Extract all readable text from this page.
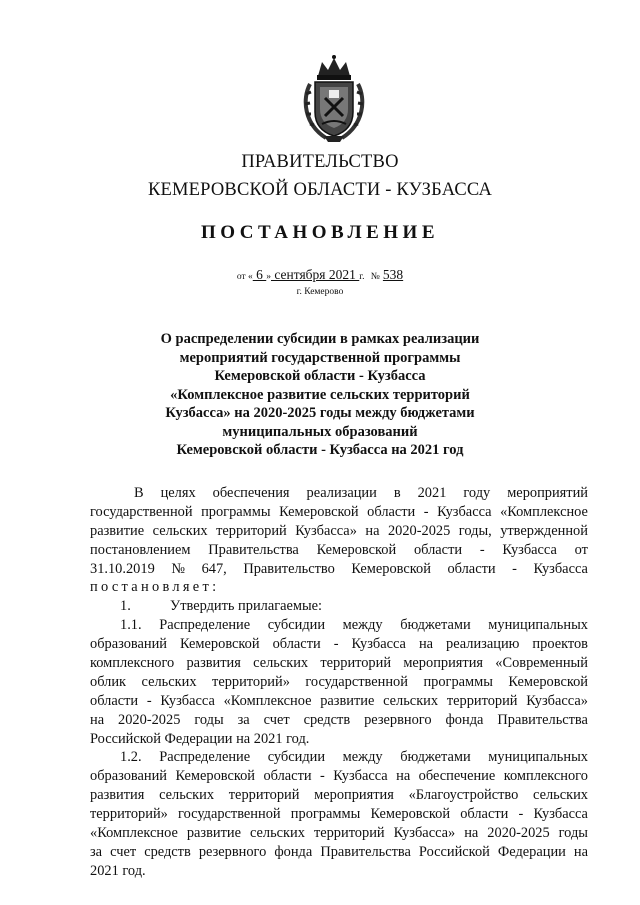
ПРАВИТЕЛЬСТВО
КЕМЕРОВСКОЙ ОБЛАСТИ - КУЗБАССА
ПОСТАНОВЛЕНИЕ
от « 6 » сентября 2021 г. № 538
г. Кемерово
О распределении субсидии в рамках реализации
мероприятий государственной программы
Кемеровской области - Кузбасса
«Комплексное развитие сельских территорий
Кузбасса» на 2020-2025 годы между бюджетами
муниципальных образований
Кемеровской области - Кузбасса на 2021 год
В целях обеспечения реализации в 2021 году мероприятий
государственной программы Кемеровской области - Кузбасса «Комплексное
развитие сельских территорий Кузбасса» на 2020-2025 годы, утвержденной
постановлением Правительства Кемеровской области - Кузбасса от
31.10.2019 № 647, Правительство Кемеровской области - Кузбасса
постановляет:
1.	Утвердить прилагаемые:
1.1. Распределение субсидии между бюджетами муниципальных
образований Кемеровской области - Кузбасса на реализацию проектов
комплексного развития сельских территорий мероприятия «Современный
облик сельских территорий» государственной программы Кемеровской
области - Кузбасса «Комплексное развитие сельских территорий Кузбасса»
на 2020-2025 годы за счет средств резервного фонда Правительства
Российской Федерации на 2021 год.
1.2. Распределение субсидии между бюджетами муниципальных
образований Кемеровской области - Кузбасса на обеспечение комплексного
развития сельских территорий мероприятия «Благоустройство сельских
территорий» государственной программы Кемеровской области - Кузбасса
«Комплексное развитие сельских территорий Кузбасса» на 2020-2025 годы
за счет средств резервного фонда Правительства Российской Федерации на
2021 год.
